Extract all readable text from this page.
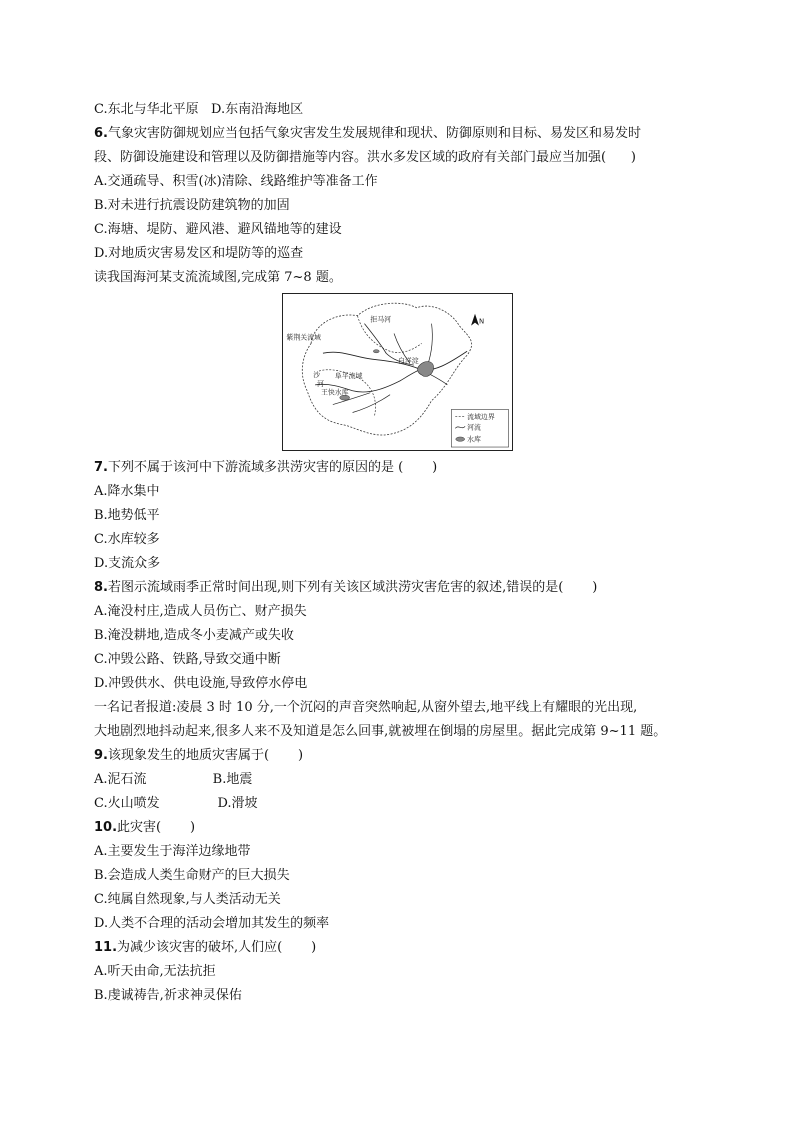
C.东北与华北平原   D.东南沿海地区
6.气象灾害防御规划应当包括气象灾害发生发展规律和现状、防御原则和目标、易发区和易发时
段、防御设施建设和管理以及防御措施等内容。洪水多发区域的政府有关部门最应当加强(      )
A.交通疏导、积雪(冰)清除、线路维护等准备工作
B.对未进行抗震设防建筑物的加固
C.海塘、堤防、避风港、避风锚地等的建设
D.对地质灾害易发区和堤防等的巡查
读我国海河某支流流域图,完成第 7~8 题。
拒马河
紫荆关流域
白洋淀
沙
河
阜平流域
王快水库
N
流域边界
河流
水库
7.下列不属于该河中下游流域多洪涝灾害的原因的是 (       )
A.降水集中
B.地势低平
C.水库较多
D.支流众多
8.若图示流域雨季正常时间出现,则下列有关该区域洪涝灾害危害的叙述,错误的是(       )
A.淹没村庄,造成人员伤亡、财产损失
B.淹没耕地,造成冬小麦减产或失收
C.冲毁公路、铁路,导致交通中断
D.冲毁供水、供电设施,导致停水停电
一名记者报道:凌晨 3 时 10 分,一个沉闷的声音突然响起,从窗外望去,地平线上有耀眼的光出现,
大地剧烈地抖动起来,很多人来不及知道是怎么回事,就被埋在倒塌的房屋里。据此完成第 9~11 题。
9.该现象发生的地质灾害属于(       )
A.泥石流                B.地震
C.火山喷发              D.滑坡
10.此灾害(       )
A.主要发生于海洋边缘地带
B.会造成人类生命财产的巨大损失
C.纯属自然现象,与人类活动无关
D.人类不合理的活动会增加其发生的频率
11.为减少该灾害的破坏,人们应(       )
A.听天由命,无法抗拒
B.虔诚祷告,祈求神灵保佑
